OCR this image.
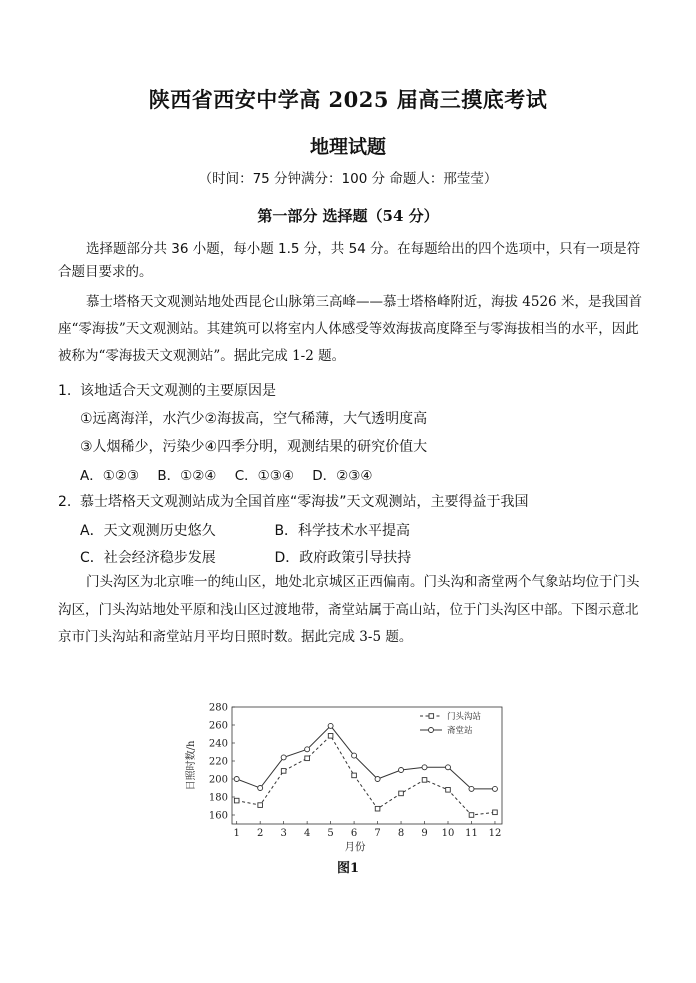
陕西省西安中学高 2025 届高三摸底考试
地理试题
（时间：75 分钟满分：100 分 命题人：邢莹莹）
第一部分 选择题（54 分）
选择题部分共 36 小题，每小题 1.5 分，共 54 分。在每题给出的四个选项中，只有一项是符合题目要求的。
慕士塔格天文观测站地处西昆仑山脉第三高峰——慕士塔格峰附近，海拔 4526 米，是我国首座“零海拔”天文观测站。其建筑可以将室内人体感受等效海拔高度降至与零海拔相当的水平，因此被称为“零海拔天文观测站”。据此完成 1-2 题。
1. 该地适合天文观测的主要原因是
①远离海洋，水汽少②海拔高，空气稀薄，大气透明度高
③人烟稀少，污染少④四季分明，观测结果的研究价值大
A．①②③ B．①②④ C．①③④ D．②③④
2. 慕士塔格天文观测站成为全国首座“零海拔”天文观测站，主要得益于我国
A．天文观测历史悠久	B．科学技术水平提高
C．社会经济稳步发展	D．政府政策引导扶持
门头沟区为北京唯一的纯山区，地处北京城区正西偏南。门头沟和斋堂两个气象站均位于门头沟区，门头沟站地处平原和浅山区过渡地带，斋堂站属于高山站，位于门头沟区中部。下图示意北京市门头沟站和斋堂站月平均日照时数。据此完成 3-5 题。
160
180
200
220
240
260
280
1 2 3 4 5 6 7 8 9 10 11 12
月份
日照时数/h
门头沟站
斋堂站
图1
